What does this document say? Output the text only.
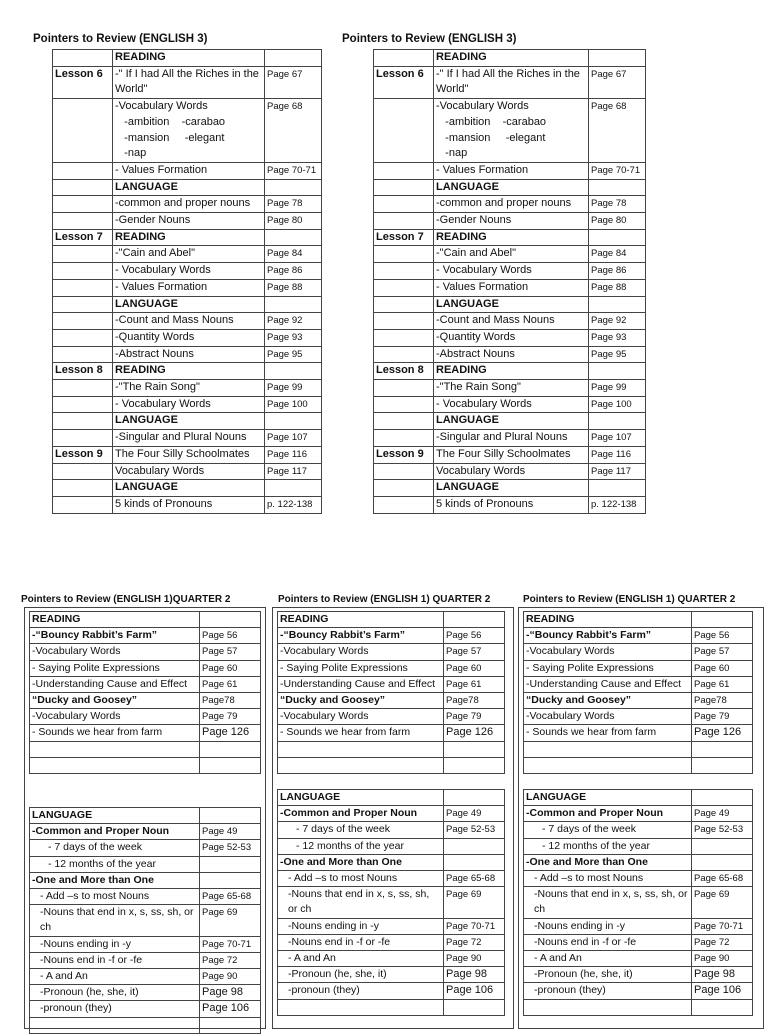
Pointers to Review (ENGLISH 3)
	READING	
Lesson 6	-" If I had All the Riches in the World"	Page 67
	-Vocabulary Words
-ambition    -carabao
-mansion     -elegant
-nap	Page 68
	- Values Formation	Page 70-71
	LANGUAGE	
	-common and proper nouns	Page 78
	-Gender Nouns	Page 80
Lesson 7	READING	
	-"Cain and Abel"	Page 84
	- Vocabulary Words	Page 86
	- Values Formation	Page 88
	LANGUAGE	
	-Count and Mass Nouns	Page 92
	-Quantity Words	Page 93
	-Abstract Nouns	Page 95
Lesson 8	READING	
	-"The Rain Song"	Page 99
	- Vocabulary Words	Page 100
	LANGUAGE	
	-Singular and Plural Nouns	Page 107
Lesson 9	The Four Silly Schoolmates	Page 116
	Vocabulary Words	Page 117
	LANGUAGE	
	5 kinds of Pronouns	p. 122-138
Pointers to Review (ENGLISH 3)
	READING	
Lesson 6	-" If I had All the Riches in the World"	Page 67
	-Vocabulary Words
-ambition    -carabao
-mansion     -elegant
-nap	Page 68
	- Values Formation	Page 70-71
	LANGUAGE	
	-common and proper nouns	Page 78
	-Gender Nouns	Page 80
Lesson 7	READING	
	-"Cain and Abel"	Page 84
	- Vocabulary Words	Page 86
	- Values Formation	Page 88
	LANGUAGE	
	-Count and Mass Nouns	Page 92
	-Quantity Words	Page 93
	-Abstract Nouns	Page 95
Lesson 8	READING	
	-"The Rain Song"	Page 99
	- Vocabulary Words	Page 100
	LANGUAGE	
	-Singular and Plural Nouns	Page 107
Lesson 9	The Four Silly Schoolmates	Page 116
	Vocabulary Words	Page 117
	LANGUAGE	
	5 kinds of Pronouns	p. 122-138
Pointers to Review (ENGLISH 1)QUARTER 2
READING	
-“Bouncy Rabbit’s Farm”	Page 56
-Vocabulary Words	Page 57
- Saying Polite Expressions	Page 60
-Understanding Cause and Effect	Page 61
“Ducky and Goosey”	Page78
-Vocabulary Words	Page 79
- Sounds we hear from farm	Page 126

LANGUAGE	
-Common and Proper Noun	Page 49
- 7 days of the week	Page 52-53
- 12 months of the year	
-One and More than One	
- Add –s to most Nouns	Page 65-68
-Nouns that end in x, s, ss, sh, or ch	Page 69
-Nouns ending in -y	Page 70-71
-Nouns end in -f or -fe	Page 72
- A and An	Page 90
-Pronoun (he, she, it)	Page 98
-pronoun (they)	Page 106

Pointers to Review (ENGLISH 1) QUARTER 2
READING	
-“Bouncy Rabbit’s Farm”	Page 56
-Vocabulary Words	Page 57
- Saying Polite Expressions	Page 60
-Understanding Cause and Effect	Page 61
“Ducky and Goosey”	Page78
-Vocabulary Words	Page 79
- Sounds we hear from farm	Page 126

LANGUAGE	
-Common and Proper Noun	Page 49
- 7 days of the week	Page 52-53
- 12 months of the year	
-One and More than One	
- Add –s to most Nouns	Page 65-68
-Nouns that end in x, s, ss, sh, or ch	Page 69
-Nouns ending in -y	Page 70-71
-Nouns end in -f or -fe	Page 72
- A and An	Page 90
-Pronoun (he, she, it)	Page 98
-pronoun (they)	Page 106

Pointers to Review (ENGLISH 1) QUARTER 2
READING	
-“Bouncy Rabbit’s Farm”	Page 56
-Vocabulary Words	Page 57
- Saying Polite Expressions	Page 60
-Understanding Cause and Effect	Page 61
“Ducky and Goosey”	Page78
-Vocabulary Words	Page 79
- Sounds we hear from farm	Page 126

LANGUAGE	
-Common and Proper Noun	Page 49
- 7 days of the week	Page 52-53
- 12 months of the year	
-One and More than One	
- Add –s to most Nouns	Page 65-68
-Nouns that end in x, s, ss, sh, or ch	Page 69
-Nouns ending in -y	Page 70-71
-Nouns end in -f or -fe	Page 72
- A and An	Page 90
-Pronoun (he, she, it)	Page 98
-pronoun (they)	Page 106
